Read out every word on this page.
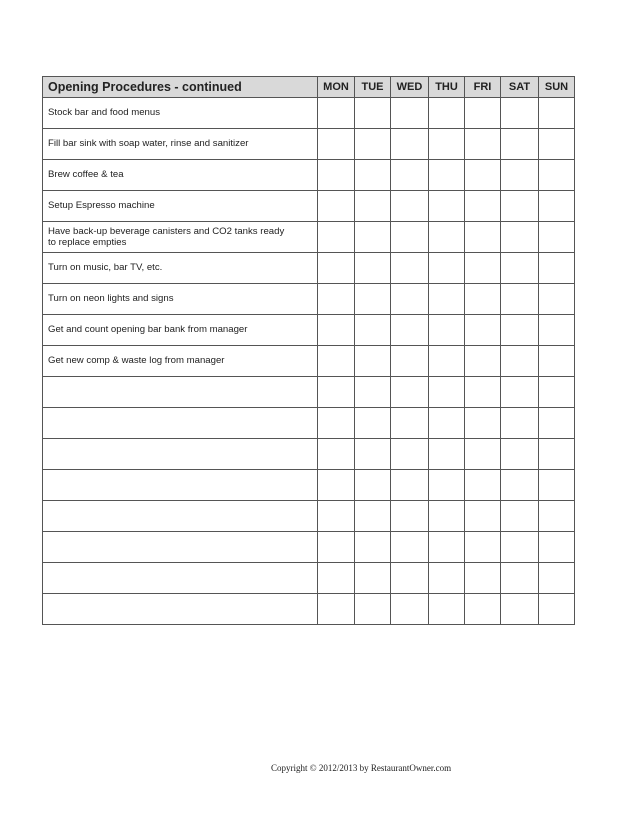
Opening Procedures - continued	MON	TUE	WED	THU	FRI	SAT	SUN
Stock bar and food menus							
Fill bar sink with soap water, rinse and sanitizer							
Brew coffee & tea							
Setup Espresso machine							
Have back-up beverage canisters and CO2 tanks ready
to replace empties							
Turn on music, bar TV, etc.							
Turn on neon lights and signs							
Get and count opening bar bank from manager							
Get new comp & waste log from manager							

Copyright © 2012/2013 by RestaurantOwner.com
